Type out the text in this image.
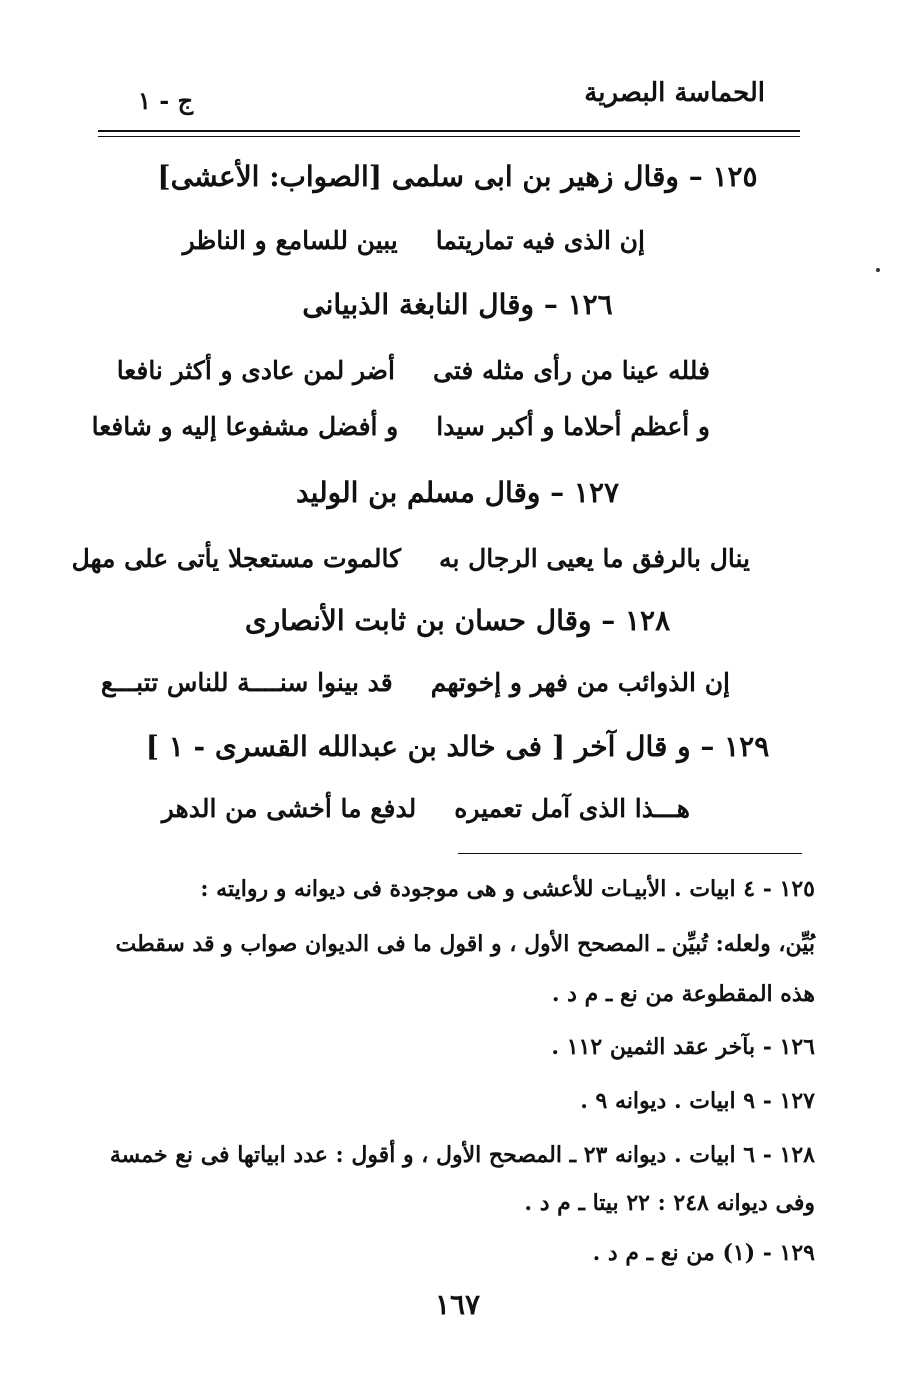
الحماسة البصرية
ج - ١
١٢٥ – وقال زهير بن ابى سلمى [الصواب: الأعشى]
إن الذى فيه تماريتمايبين للسامع و الناظر
١٢٦ – وقال النابغة الذبيانى
فلله عينا من رأى مثله فتىأضر لمن عادى و أكثر نافعا
و أعظم أحلاما و أكبر سيداو أفضل مشفوعا إليه و شافعا
١٢٧ – وقال مسلم بن الوليد
ينال بالرفق ما يعيى الرجال بهكالموت مستعجلا يأتى على مهل
١٢٨ – وقال حسان بن ثابت الأنصارى
إن الذوائب من فهر و إخوتهمقد بينوا سنــــة للناس تتبـــع
١٢٩ – و قال آخر [ فى خالد بن عبدالله القسرى - ١ ]
هـــذا الذى آمل تعميرهلدفع ما أخشى من الدهر
١٢٥ - ٤ ابيات . الأبيـات للأعشى و هى موجودة فى ديوانه و روايته :
بُيِّن، ولعله: تُبيِّن ـ المصحح الأول ، و اقول ما فى الديوان صواب و قد سقطت
هذه المقطوعة من نع ـ م د .
١٢٦ - بآخر عقد الثمين ١١٢ .
١٢٧ - ٩ ابيات . ديوانه ٩ .
١٢٨ - ٦ ابيات . ديوانه ٢٣ ـ المصحح الأول ، و أقول : عدد ابياتها فى نع خمسة
وفى ديوانه ٢٤٨ : ٢٢ بيتا ـ م د .
١٢٩ - (١) من نع ـ م د .
١٦٧
